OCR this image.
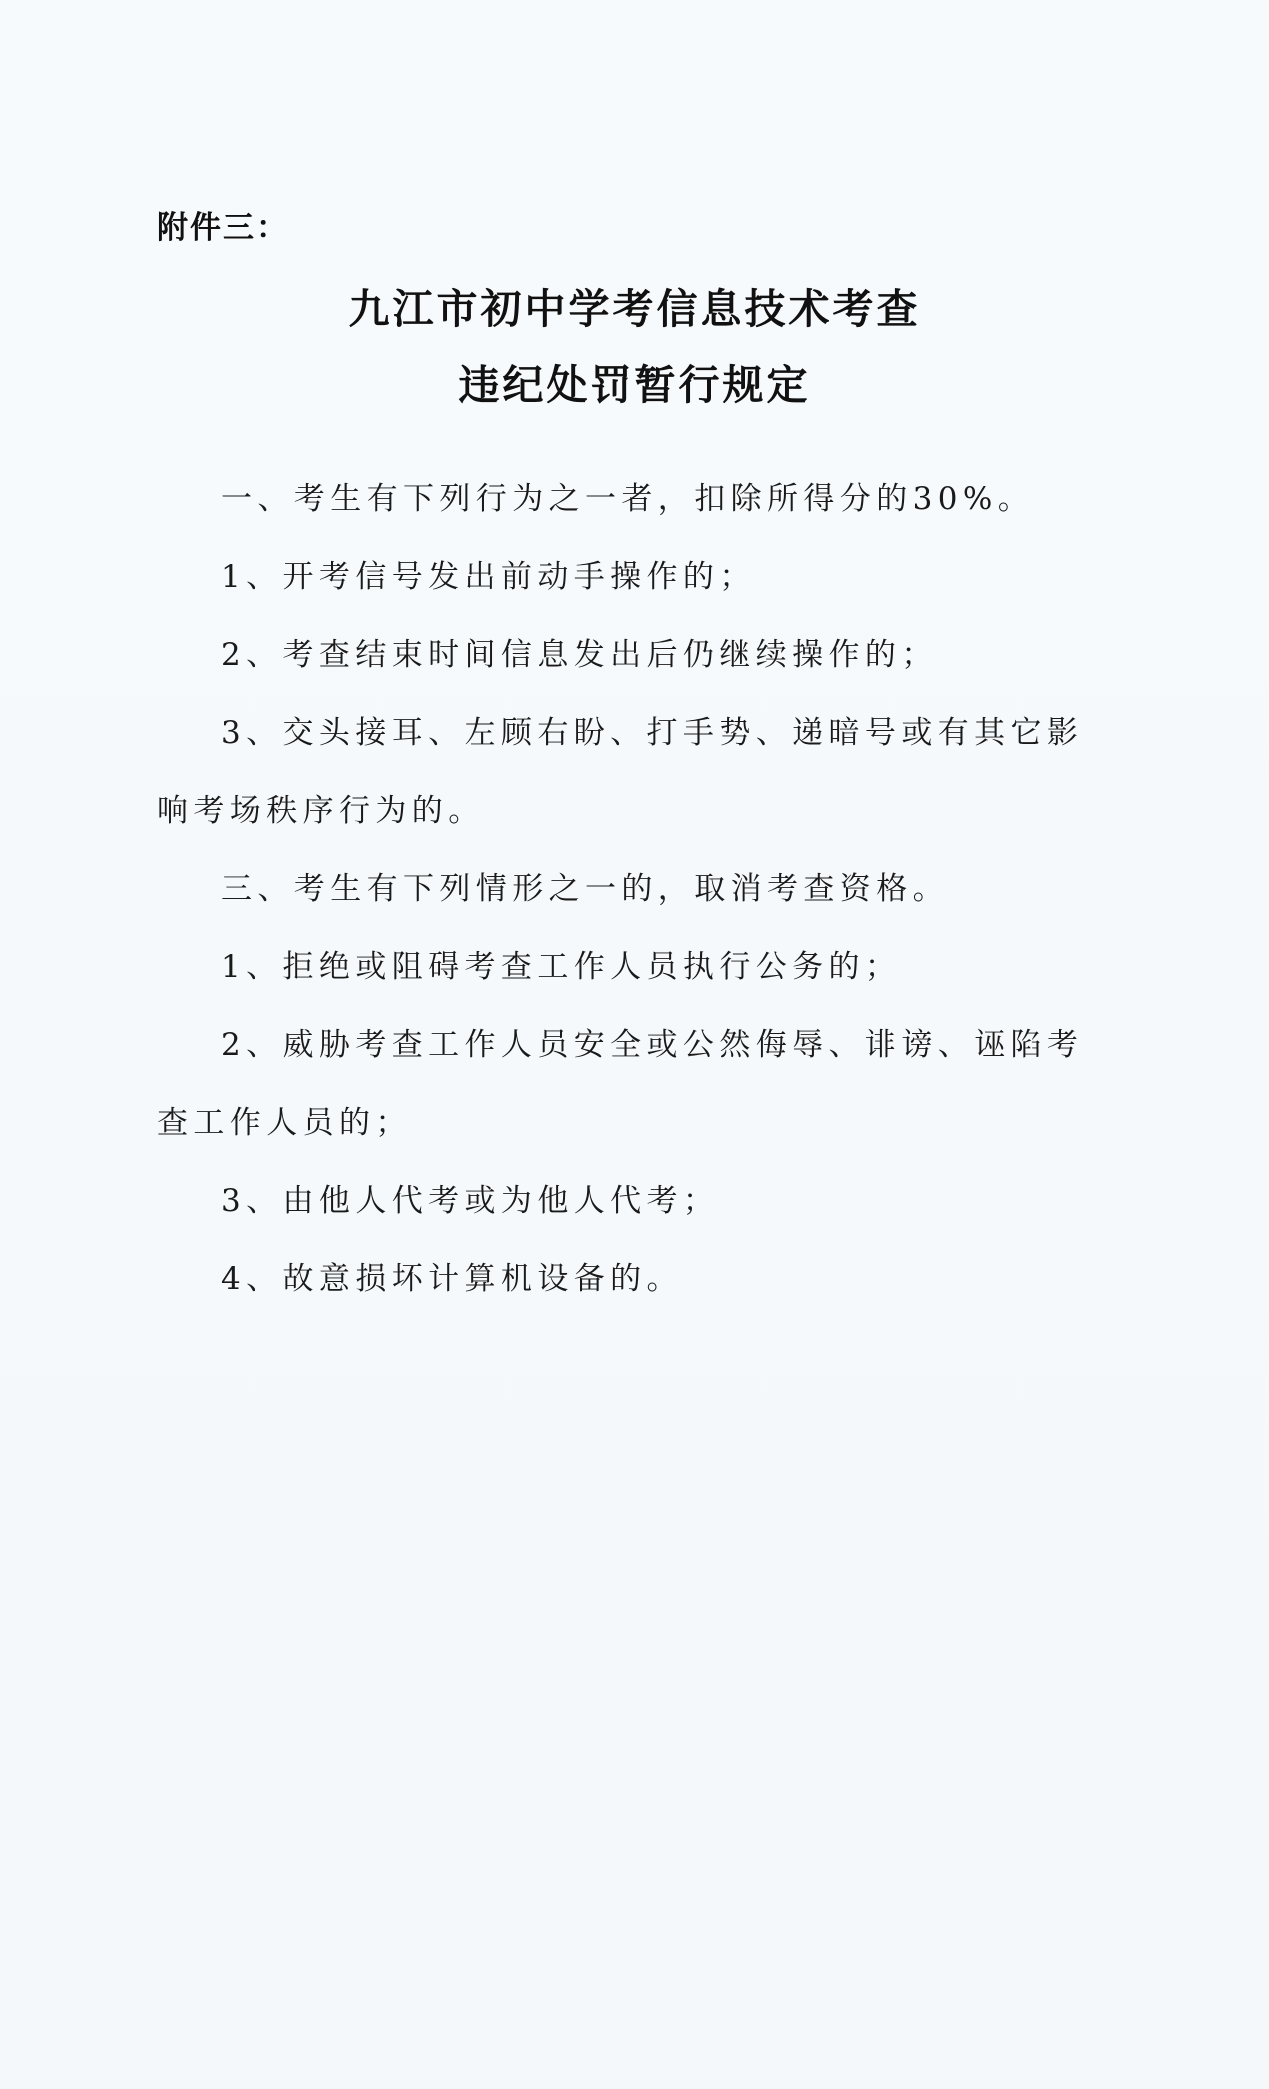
附件三：
九江市初中学考信息技术考查
违纪处罚暂行规定
一、考生有下列行为之一者，扣除所得分的30%。
1、开考信号发出前动手操作的；
2、考查结束时间信息发出后仍继续操作的；
3、交头接耳、左顾右盼、打手势、递暗号或有其它影响考场秩序行为的。
三、考生有下列情形之一的，取消考查资格。
1、拒绝或阻碍考查工作人员执行公务的；
2、威胁考查工作人员安全或公然侮辱、诽谤、诬陷考查工作人员的；
3、由他人代考或为他人代考；
4、故意损坏计算机设备的。
